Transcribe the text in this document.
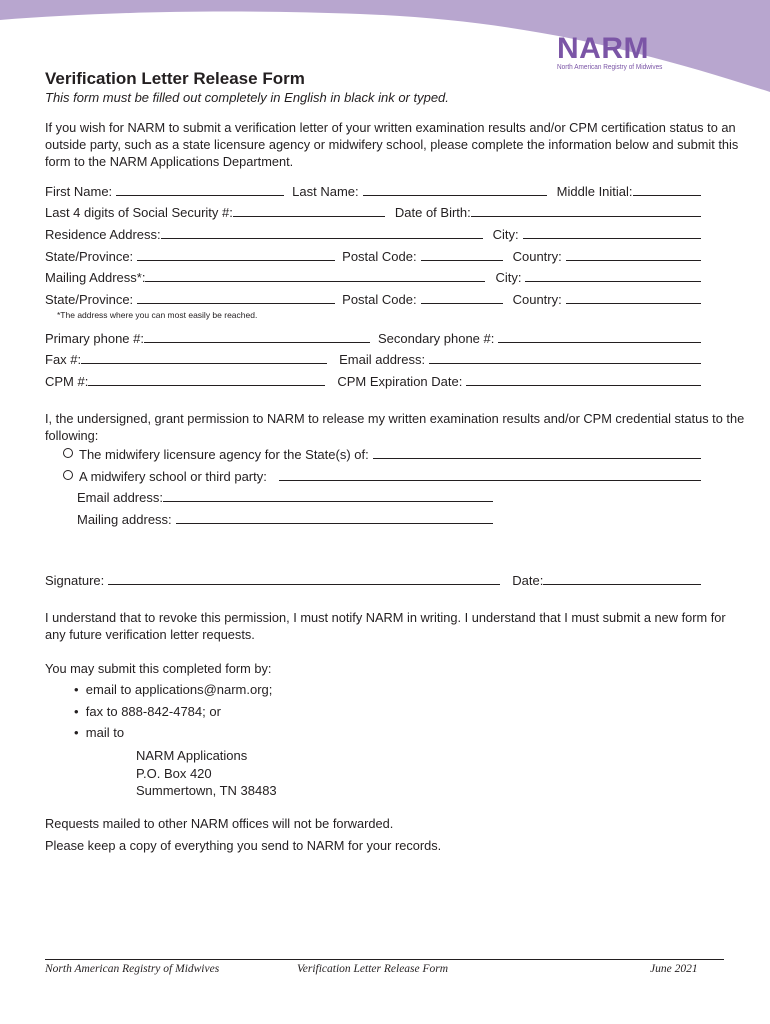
NARM
North American Registry of Midwives
Verification Letter Release Form
This form must be filled out completely in English in black ink or typed.
If you wish for NARM to submit a verification letter of your written examination results and/or CPM certification status to an outside party, such as a state licensure agency or midwifery school, please complete the information below and submit this form to the NARM Applications Department.
First Name:	Last Name:	Middle Initial:
Last 4 digits of Social Security #:	Date of Birth:
Residence Address:	City:
State/Province:	Postal Code:	Country:
Mailing Address*:	City:
State/Province:	Postal Code:	Country:
*The address where you can most easily be reached.
Primary phone #:	Secondary phone #:
Fax #:	Email address:
CPM #:	CPM Expiration Date:
I, the undersigned, grant permission to NARM to release my written examination results and/or CPM credential status to the following:
The midwifery licensure agency for the State(s) of:
A midwifery school or third party:
Email address:
Mailing address:
Signature:	Date:
I understand that to revoke this permission, I must notify NARM in writing. I understand that I must submit a new form for any future verification letter requests.
You may submit this completed form by:
•  email to applications@narm.org;
•  fax to 888-842-4784; or
•  mail to
NARM Applications
P.O. Box 420
Summertown, TN 38483
Requests mailed to other NARM offices will not be forwarded.
Please keep a copy of everything you send to NARM for your records.
North American Registry of Midwives	Verification Letter Release Form	June 2021
